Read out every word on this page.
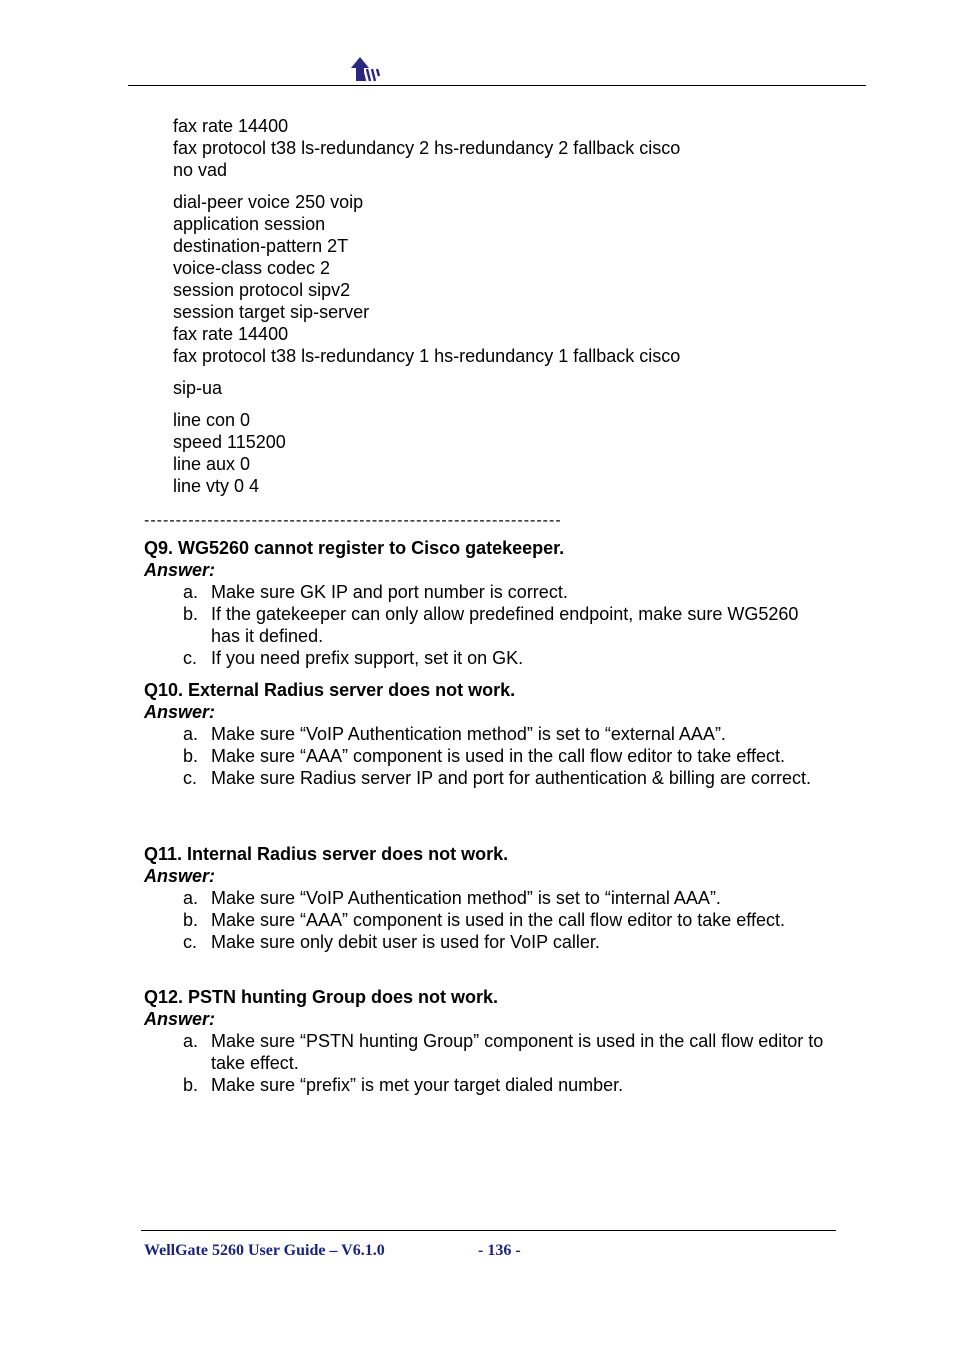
fax rate 14400
fax protocol t38 ls-redundancy 2 hs-redundancy 2 fallback cisco
no vad
dial-peer voice 250 voip
application session
destination-pattern 2T
voice-class codec 2
session protocol sipv2
session target sip-server
fax rate 14400
fax protocol t38 ls-redundancy 1 hs-redundancy 1 fallback cisco
sip-ua
line con 0
speed 115200
line aux 0
line vty 0 4
------------------------------------------------------------------
Q9. WG5260 cannot register to Cisco gatekeeper.
Answer:
a. Make sure GK IP and port number is correct.
b. If the gatekeeper can only allow predefined endpoint, make sure WG5260 has it defined.
c. If you need prefix support, set it on GK.
Q10. External Radius server does not work.
Answer:
a. Make sure “VoIP Authentication method” is set to “external AAA”.
b. Make sure “AAA” component is used in the call flow editor to take effect.
c. Make sure Radius server IP and port for authentication & billing are correct.
Q11. Internal Radius server does not work.
Answer:
a. Make sure “VoIP Authentication method” is set to “internal AAA”.
b. Make sure “AAA” component is used in the call flow editor to take effect.
c. Make sure only debit user is used for VoIP caller.
Q12. PSTN hunting Group does not work.
Answer:
a. Make sure “PSTN hunting Group” component is used in the call flow editor to take effect.
b. Make sure “prefix” is met your target dialed number.
WellGate 5260 User Guide – V6.1.0	- 136 -
